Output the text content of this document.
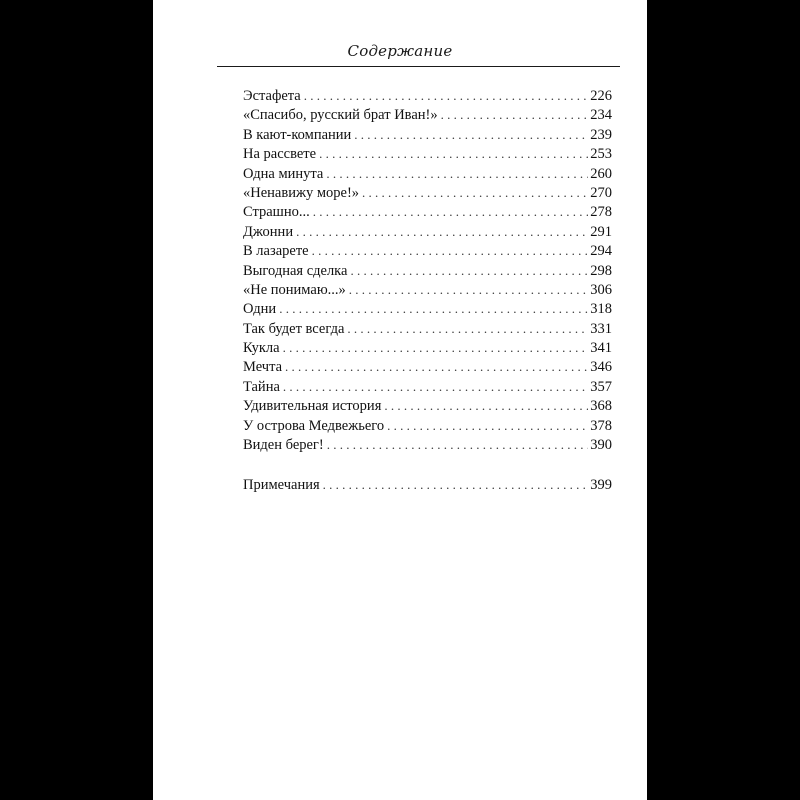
Содержание
Эстафета . . .	226
«Спасибо, русский брат Иван!» . . .	234
В кают-компании . . .	239
На рассвете . . .	253
Одна минута . . .	260
«Ненавижу море!» . . .	270
Страшно... . . .	278
Джонни . . .	291
В лазарете . . .	294
Выгодная сделка . . .	298
«Не понимаю...» . . .	306
Одни . . .	318
Так будет всегда . . .	331
Кукла . . .	341
Мечта . . .	346
Тайна . . .	357
Удивительная история . . .	368
У острова Медвежьего . . .	378
Виден берег! . . .	390
Примечания . . .	399
